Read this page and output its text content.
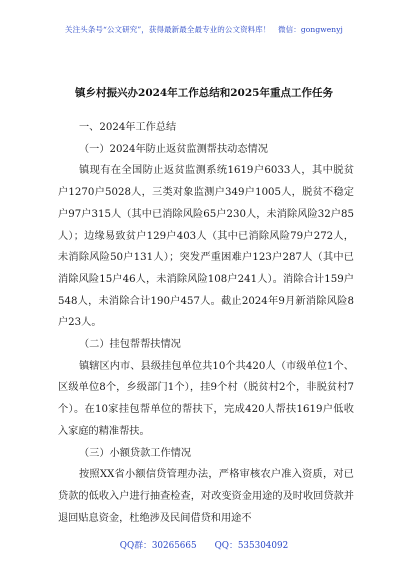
关注头条号“公文研究”，获得最新最全最专业的公文资料库！　微信：gongwenyj
镇乡村振兴办2024年工作总结和2025年重点工作任务

一、2024年工作总结

（一）2024年防止返贫监测帮扶动态情况

镇现有在全国防止返贫监测系统1619户6033人，其中脱贫户1270户5028人，三类对象监测户349户1005人，脱贫不稳定户97户315人（其中已消除风险65户230人，未消除风险32户85人）；边缘易致贫户129户403人（其中已消除风险79户272人，未消除风险50户131人）；突发严重困难户123户287人（其中已消除风险15户46人，未消除风险108户241人）。消除合计159户548人，未消除合计190户457人。截止2024年9月新消除风险8户23人。

（二）挂包帮帮扶情况

镇辖区内市、县级挂包单位共10个共420人（市级单位1个、区级单位8个，乡级部门1个），挂9个村（脱贫村2个，非脱贫村7个）。在10家挂包帮单位的帮扶下，完成420人帮扶1619户低收入家庭的精准帮扶。

（三）小额贷款工作情况

按照XX省小额信贷管理办法，严格审核农户准入资质，对已贷款的低收入户进行抽查检查，对改变资金用途的及时收回贷款并退回贴息资金，杜绝涉及民间借贷和用途不

QQ群：30265665 QQ：535304092
